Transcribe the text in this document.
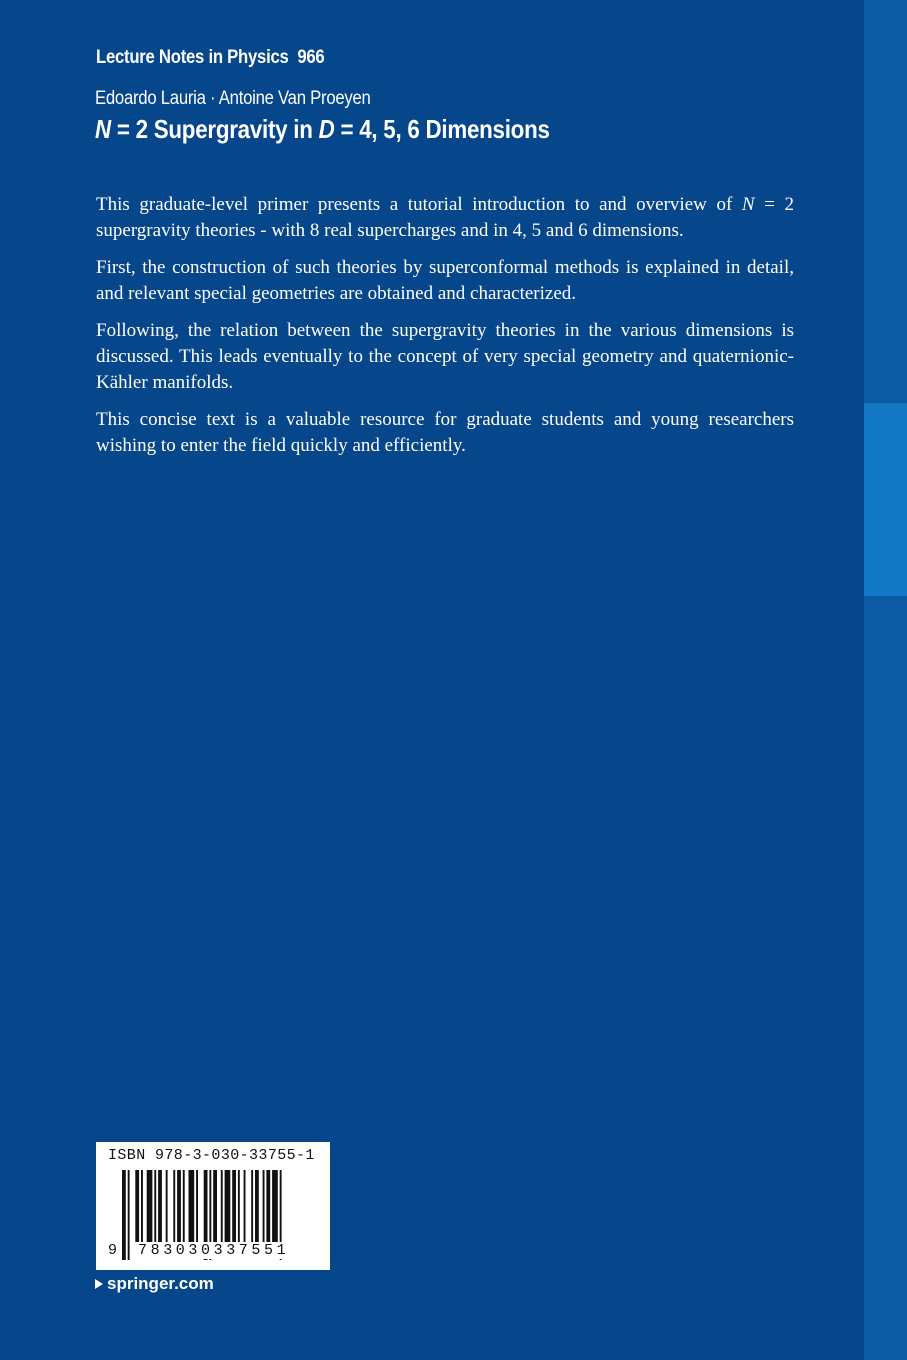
Lecture Notes in Physics 966
Edoardo Lauria · Antoine Van Proeyen
N = 2 Supergravity in D = 4, 5, 6 Dimensions

This graduate-level primer presents a tutorial introduction to and overview of N = 2 supergravity theories - with 8 real supercharges and in 4, 5 and 6 dimensions.

First, the construction of such theories by superconformal methods is explained in detail, and relevant special geometries are obtained and characterized.

Following, the relation between the supergravity theories in the various dimensions is discussed. This leads eventually to the concept of very special geometry and quaternionic-Kähler manifolds.

This concise text is a valuable resource for graduate students and young researchers wishing to enter the field quickly and efficiently.

ISBN 978-3-030-33755-1
9 783030337551
springer.com
